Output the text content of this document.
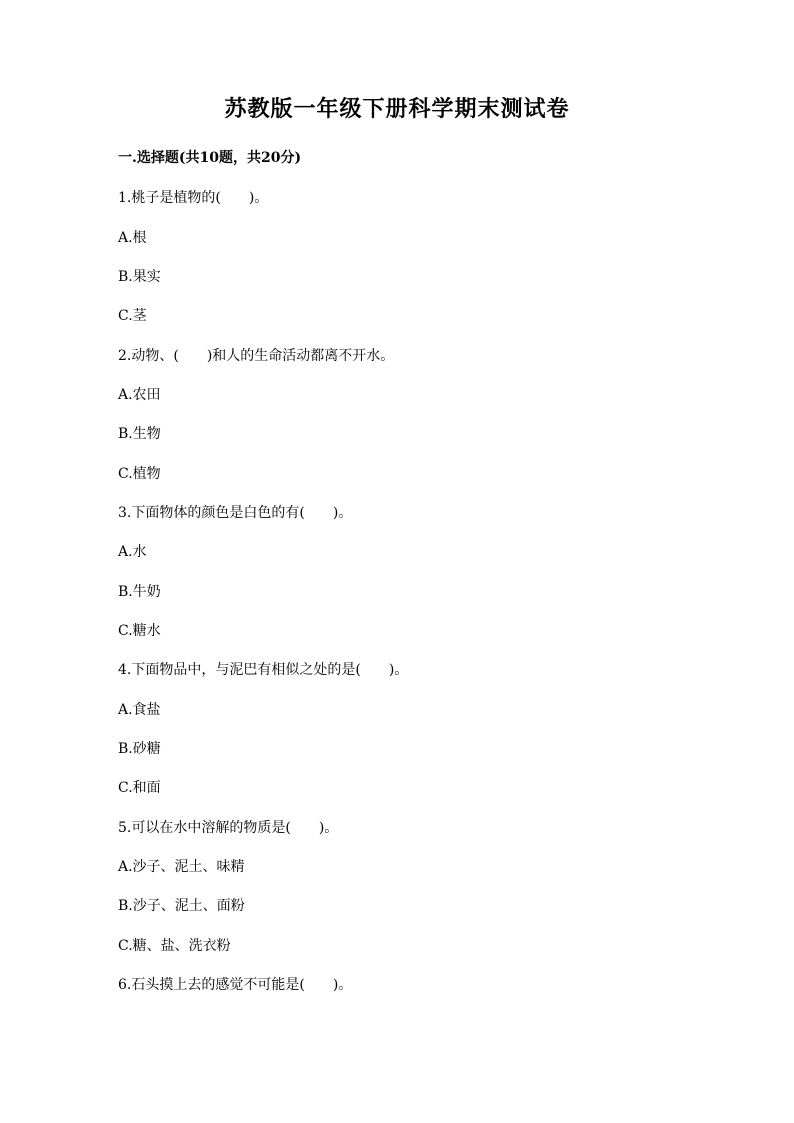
苏教版一年级下册科学期末测试卷
一.选择题(共10题，共20分)
1.桃子是植物的(　　)。
A.根
B.果实
C.茎
2.动物、(　　)和人的生命活动都离不开水。
A.农田
B.生物
C.植物
3.下面物体的颜色是白色的有(　　)。
A.水
B.牛奶
C.糖水
4.下面物品中，与泥巴有相似之处的是(　　)。
A.食盐
B.砂糖
C.和面
5.可以在水中溶解的物质是(　　)。
A.沙子、泥土、味精
B.沙子、泥土、面粉
C.糖、盐、洗衣粉
6.石头摸上去的感觉不可能是(　　)。
